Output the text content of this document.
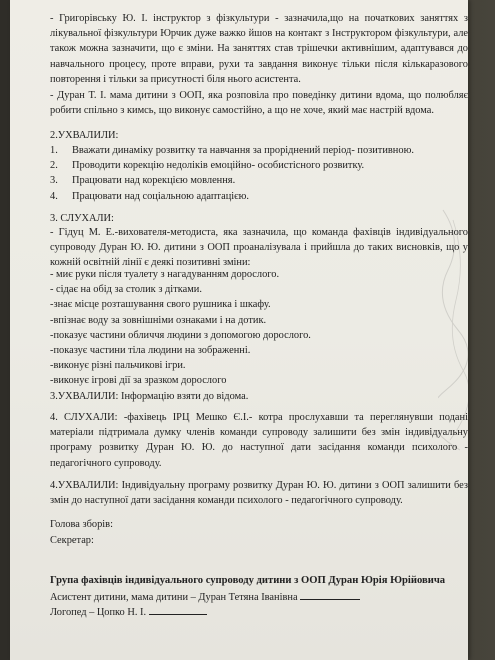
- Григорівську Ю. І. інструктор з фізкультури - зазначила,що на початкових заняттях з лікувальної фізкультури Юрчик дуже важко йшов на контакт з Інструктором фізкультури, але також можна зазначити, що є зміни. На заняттях став трішечки активнішим, адаптувався до навчального процесу, проте вправи, рухи та завдання виконує тільки після кількаразового повторення і тільки за присутності біля нього асистента.

- Дуран Т. І. мама дитини з ООП, яка розповіла про поведінку дитини вдома, що полюбляє робити спільно з кимсь, що виконує самостійно, а що не хоче, який має настрій вдома.

2.УХВАЛИЛИ:

1. Вважати динаміку розвитку та навчання за проріднений період- позитивною.
2. Проводити корекцію недоліків емоційно- особистісного розвитку.
3. Працювати над корекцією мовлення.
4. Працювати над соціальною адаптацією.

3. СЛУХАЛИ:

- Гідуц М. Е.-вихователя-методиста, яка зазначила, що команда фахівців індивідуального супроводу Дуран Ю. Ю. дитини з ООП проаналізувала і прийшла до таких висновків, що у кожній освітній лінії є деякі позитивні зміни:

- миє руки після туалету з нагадуванням дорослого.
- сідає на обід за столик з дітками.
-знає місце розташування свого рушника і шкафу.
-впізнає воду за зовнішніми ознаками і на дотик.
-показує частини обличчя людини з допомогою дорослого.
-показує частини тіла людини на зображенні.
-виконує різні пальчикові ігри.
-виконує ігрові дії за зразком дорослого

3.УХВАЛИЛИ: Інформацію взяти до відома.

4. СЛУХАЛИ: -фахівець ІРЦ Мешко Є.І.- котра прослухавши та переглянувши подані матеріали підтримала думку членів команди супроводу залишити без змін індивідуальну програму розвитку Дуран Ю. Ю. до наступної дати засідання команди психолого - педагогічного супроводу.

4.УХВАЛИЛИ: Індивідуальну програму розвитку Дуран Ю. Ю. дитини з ООП залишити без змін до наступної дати засідання команди психолого - педагогічного супроводу.

Голова зборів:

Секретар:

Група фахівців індивідуального супроводу дитини з ООП Дуран Юрія Юрійовича

Асистент дитини, мама дитини – Дуран Тетяна Іванівна

Логопед – Цопко Н. І.
